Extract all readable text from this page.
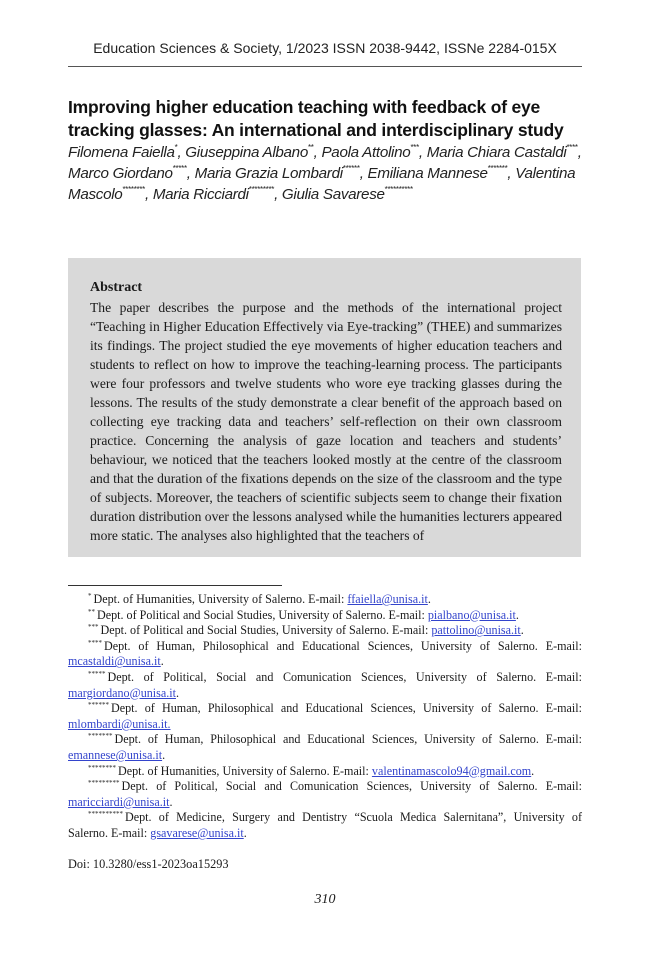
Education Sciences & Society, 1/2023 ISSN 2038-9442, ISSNe 2284-015X
Improving higher education teaching with feedback of eye tracking glasses: An international and interdisciplinary study
Filomena Faiella*, Giuseppina Albano**, Paola Attolino***, Maria Chiara Castaldi****, Marco Giordano*****, Maria Grazia Lombardi******, Emiliana Mannese*******, Valentina Mascolo********, Maria Ricciardi*********, Giulia Savarese**********
Abstract
The paper describes the purpose and the methods of the international project “Teaching in Higher Education Effectively via Eye-tracking” (THEE) and summarizes its findings. The project studied the eye movements of higher education teachers and students to reflect on how to improve the teaching-learning process. The participants were four professors and twelve students who wore eye tracking glasses during the lessons. The results of the study demonstrate a clear benefit of the approach based on collecting eye tracking data and teachers’ self-reflection on their own classroom practice. Concerning the analysis of gaze location and teachers and students’ behaviour, we noticed that the teachers looked mostly at the centre of the classroom and that the duration of the fixations depends on the size of the classroom and the type of subjects. Moreover, the teachers of scientific subjects seem to change their fixation duration distribution over the lessons analysed while the humanities lecturers appeared more static. The analyses also highlighted that the teachers of

* Dept. of Humanities, University of Salerno. E-mail: ffaiella@unisa.it.

** Dept. of Political and Social Studies, University of Salerno. E-mail: pialbano@unisa.it.

*** Dept. of Political and Social Studies, University of Salerno. E-mail: pattolino@unisa.it.

**** Dept. of Human, Philosophical and Educational Sciences, University of Salerno. E-mail: mcastaldi@unisa.it.

***** Dept. of Political, Social and Comunication Sciences, University of Salerno. E-mail: margiordano@unisa.it.

****** Dept. of Human, Philosophical and Educational Sciences, University of Salerno. E-mail: mlombardi@unisa.it.

******* Dept. of Human, Philosophical and Educational Sciences, University of Salerno. E-mail: emannese@unisa.it.

******** Dept. of Humanities, University of Salerno. E-mail: valentinamascolo94@gmail.com.

********* Dept. of Political, Social and Comunication Sciences, University of Salerno. E-mail: maricciardi@unisa.it.

********** Dept. of Medicine, Surgery and Dentistry “Scuola Medica Salernitana”, University of Salerno. E-mail: gsavarese@unisa.it.

Doi: 10.3280/ess1-2023oa15293
310
